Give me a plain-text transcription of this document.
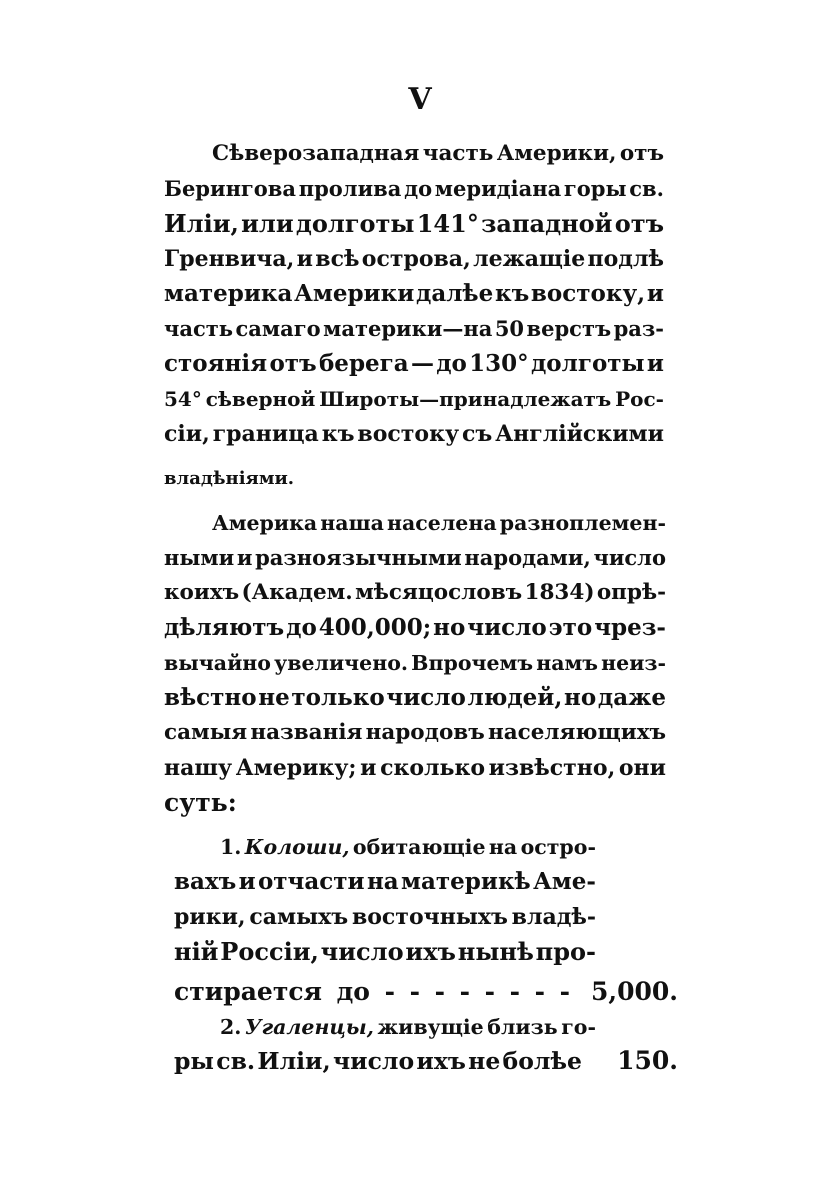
V
Сѣверозападная часть Америки, отъ
Берингова пролива до меридіана горы св.
Иліи, или долготы 141° западной отъ
Гренвича, и всѣ острова, лежащіе подлѣ
материка Америки далѣе къ востоку, и
часть самаго материки—на 50 верстъ раз-
стоянія отъ берега — до 130° долготы и
54° сѣверной Широты—принадлежатъ Рос-
сіи, граница къ востоку съ Англійскими
владѣніями.
Америка наша населена разноплемен-
ными и разноязычными народами, число
коихъ (Академ. мѣсяцословъ 1834) опрѣ-
дѣляютъ до 400,000; но число это чрез-
вычайно увеличено. Впрочемъ намъ неиз-
вѣстно не только число людей, но даже
самыя названія народовъ населяющихъ
нашу Америку; и сколько извѣстно, они
суть:
1. Колоши, обитающіе на остро-
вахъ и отчасти на материкѣ Аме-
рики, самыхъ восточныхъ владѣ-
ній Россіи, число ихъ нынѣ про-
стирается до - - - - - - - -
2. Угаленцы, живущіе близь го-
ры св. Иліи, число ихъ не болѣе
5,000.
150.
